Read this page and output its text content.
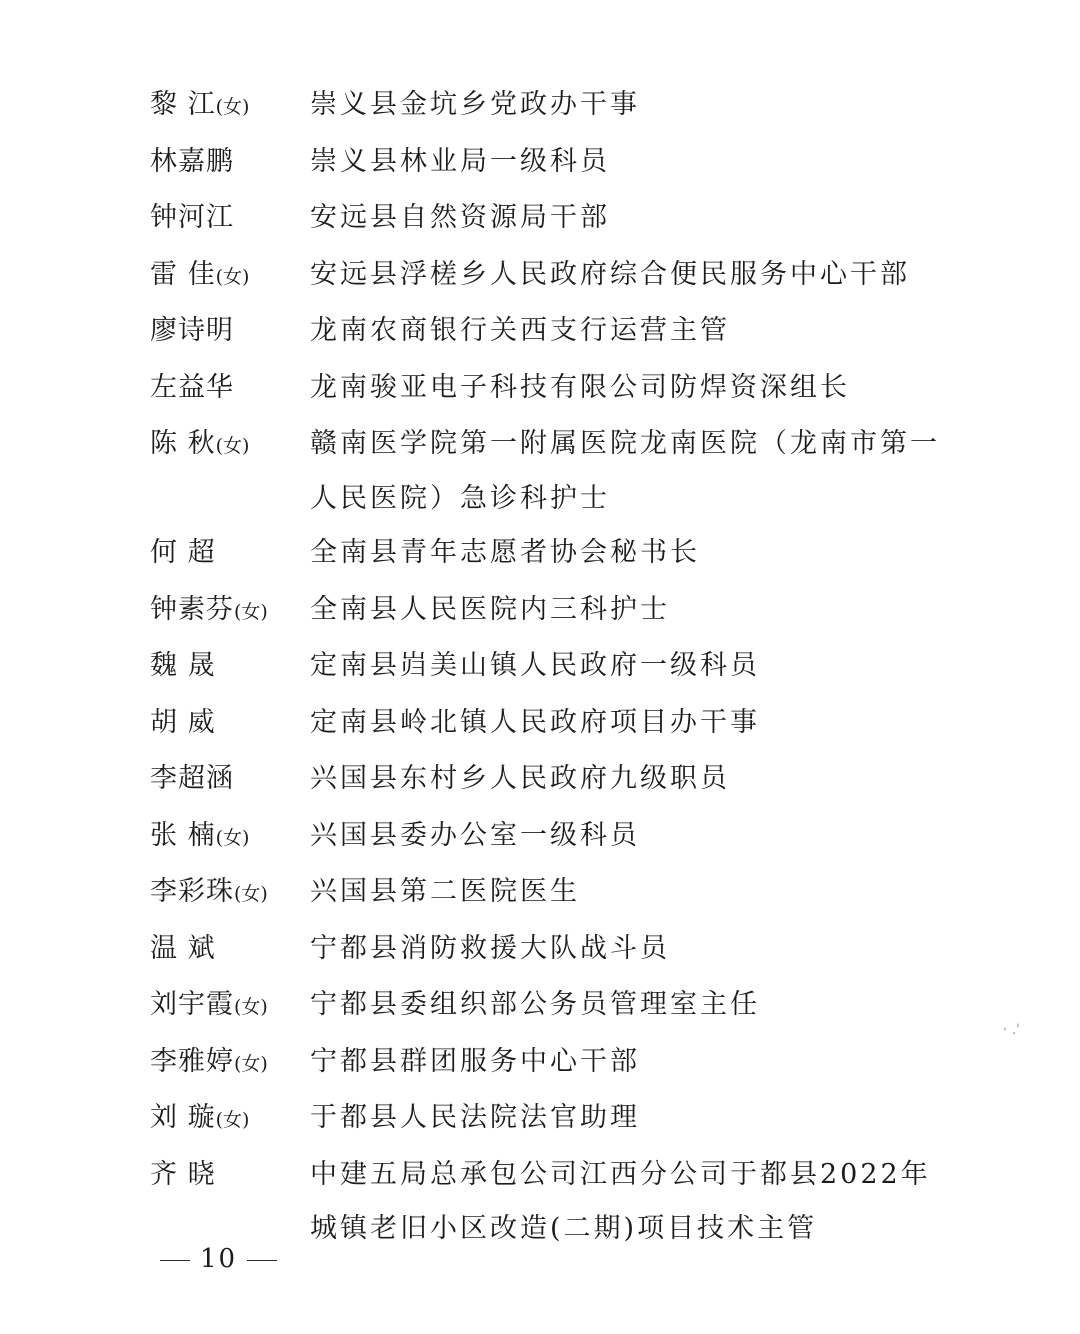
黎 江(女)	崇义县金坑乡党政办干事
林嘉鹏	崇义县林业局一级科员
钟河江	安远县自然资源局干部
雷 佳(女)	安远县浮槎乡人民政府综合便民服务中心干部
廖诗明	龙南农商银行关西支行运营主管
左益华	龙南骏亚电子科技有限公司防焊资深组长
陈 秋(女)	赣南医学院第一附属医院龙南医院（龙南市第一人民医院）急诊科护士
何 超	全南县青年志愿者协会秘书长
钟素芬(女)	全南县人民医院内三科护士
魏 晟	定南县岿美山镇人民政府一级科员
胡 威	定南县岭北镇人民政府项目办干事
李超涵	兴国县东村乡人民政府九级职员
张 楠(女)	兴国县委办公室一级科员
李彩珠(女)	兴国县第二医院医生
温 斌	宁都县消防救援大队战斗员
刘宇霞(女)	宁都县委组织部公务员管理室主任
李雅婷(女)	宁都县群团服务中心干部
刘 璇(女)	于都县人民法院法官助理
齐 晓	中建五局总承包公司江西分公司于都县2022年城镇老旧小区改造(二期)项目技术主管
· .'
10
